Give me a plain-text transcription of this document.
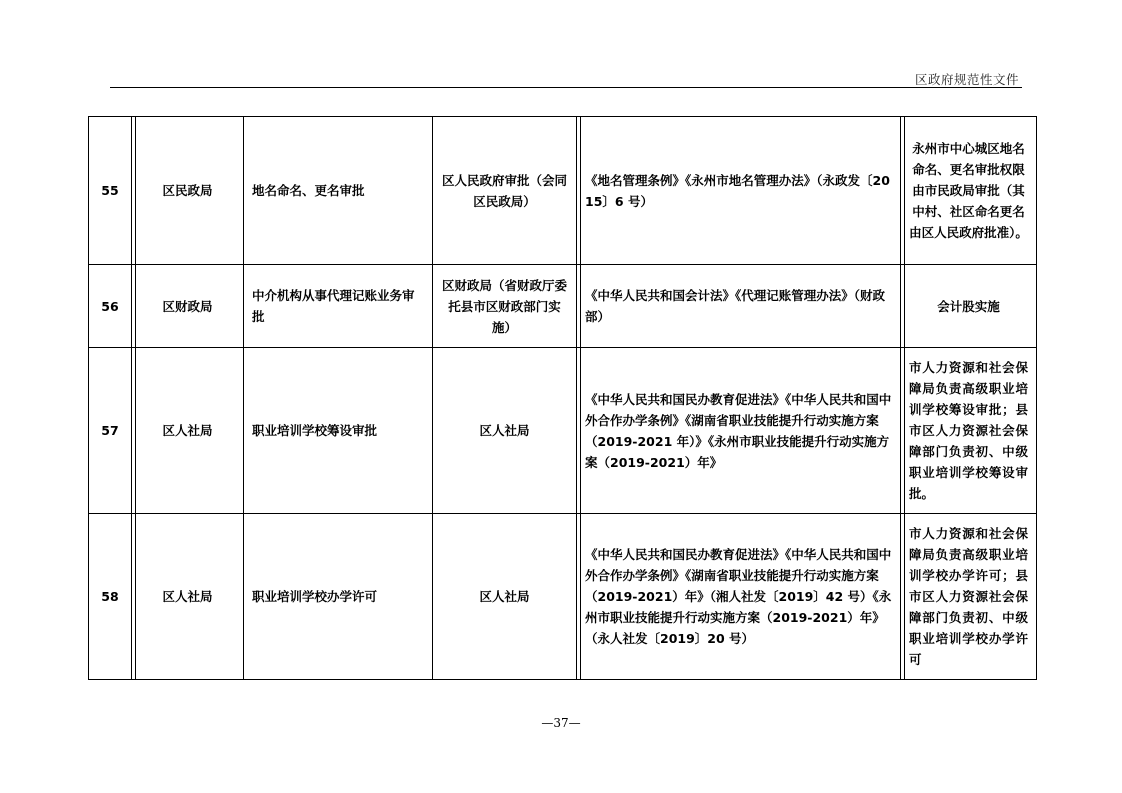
区政府规范性文件
55	区民政局	地名命名、更名审批	区人民政府审批（会同区民政局）	《地名管理条例》《永州市地名管理办法》（永政发〔2015〕6 号）	永州市中心城区地名命名、更名审批权限由市民政局审批（其中村、社区命名更名由区人民政府批准）。
56	区财政局	中介机构从事代理记账业务审批	区财政局（省财政厅委托县市区财政部门实施）	《中华人民共和国会计法》《代理记账管理办法》（财政部）	会计股实施
57	区人社局	职业培训学校筹设审批	区人社局	《中华人民共和国民办教育促进法》《中华人民共和国中外合作办学条例》《湖南省职业技能提升行动实施方案（2019-2021 年）》《永州市职业技能提升行动实施方案（2019-2021）年》	市人力资源和社会保障局负责高级职业培训学校筹设审批；县市区人力资源社会保障部门负责初、中级职业培训学校筹设审批。
58	区人社局	职业培训学校办学许可	区人社局	《中华人民共和国民办教育促进法》《中华人民共和国中外合作办学条例》《湖南省职业技能提升行动实施方案（2019-2021）年》（湘人社发〔2019〕42 号）《永州市职业技能提升行动实施方案（2019-2021）年》（永人社发〔2019〕20 号）	市人力资源和社会保障局负责高级职业培训学校办学许可；县市区人力资源社会保障部门负责初、中级职业培训学校办学许可
—37—
